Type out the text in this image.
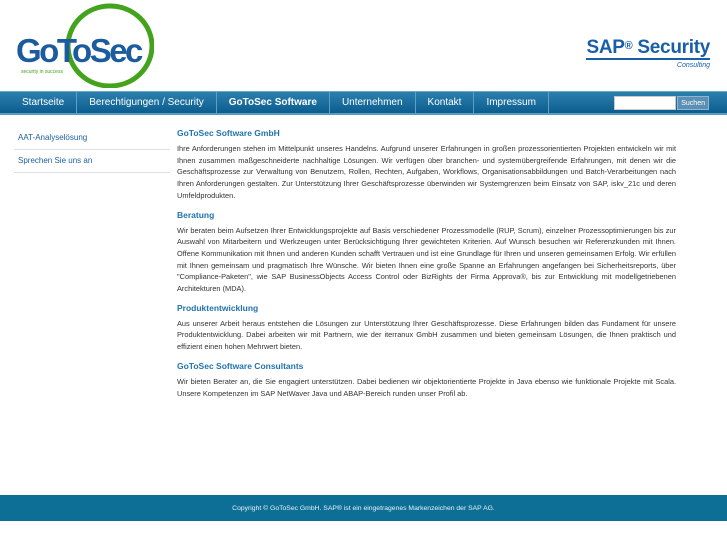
GoToSec
security in success
SAP® Security
Consulting
Startseite	Berechtigungen / Security	GoToSec Software	Unternehmen	Kontakt	Impressum	Suchen
AAT-Analyselösung
Sprechen Sie uns an
GoToSec Software GmbH

Ihre Anforderungen stehen im Mittelpunkt unseres Handelns. Aufgrund unserer Erfahrungen in großen prozessorientierten Projekten entwickeln wir mit Ihnen zusammen maßgeschneiderte nachhaltige Lösungen. Wir verfügen über branchen- und systemübergreifende Erfahrungen, mit denen wir die Geschäftsprozesse zur Verwaltung von Benutzern, Rollen, Rechten, Aufgaben, Workflows, Organisationsabbildungen und Batch-Verarbeitungen nach Ihren Anforderungen gestalten. Zur Unterstützung Ihrer Geschäftsprozesse überwinden wir Systemgrenzen beim Einsatz von SAP, iskv_21c und deren Umfeldprodukten.

Beratung

Wir beraten beim Aufsetzen Ihrer Entwicklungsprojekte auf Basis verschiedener Prozessmodelle (RUP, Scrum), einzelner Prozessoptimierungen bis zur Auswahl von Mitarbeitern und Werkzeugen unter Berücksichtigung Ihrer gewichteten Kriterien. Auf Wunsch besuchen wir Referenzkunden mit Ihnen. Offene Kommunikation mit Ihnen und anderen Kunden schafft Vertrauen und ist eine Grundlage für Ihren und unseren gemeinsamen Erfolg. Wir erfüllen mit Ihnen gemeinsam und pragmatisch Ihre Wünsche. Wir bieten Ihnen eine große Spanne an Erfahrungen angefangen bei Sicherheitsreports, über "Compliance-Paketen", wie SAP BusinessObjects Access Control oder BizRights der Firma Approva®, bis zur Entwicklung mit modellgetriebenen Architekturen (MDA).

Produktentwicklung

Aus unserer Arbeit heraus entstehen die Lösungen zur Unterstützung Ihrer Geschäftsprozesse. Diese Erfahrungen bilden das Fundament für unsere Produktentwicklung. Dabei arbeiten wir mit Partnern, wie der iterranux GmbH zusammen und bieten gemeinsam Lösungen, die Ihnen praktisch und effizient einen hohen Mehrwert bieten.

GoToSec Software Consultants

Wir bieten Berater an, die Sie engagiert unterstützen. Dabei bedienen wir objektorientierte Projekte in Java ebenso wie funktionale Projekte mit Scala. Unsere Kompetenzen im SAP NetWaver Java und ABAP-Bereich runden unser Profil ab.

Copyright © GoToSec GmbH. SAP® ist ein eingetragenes Markenzeichen der SAP AG.
